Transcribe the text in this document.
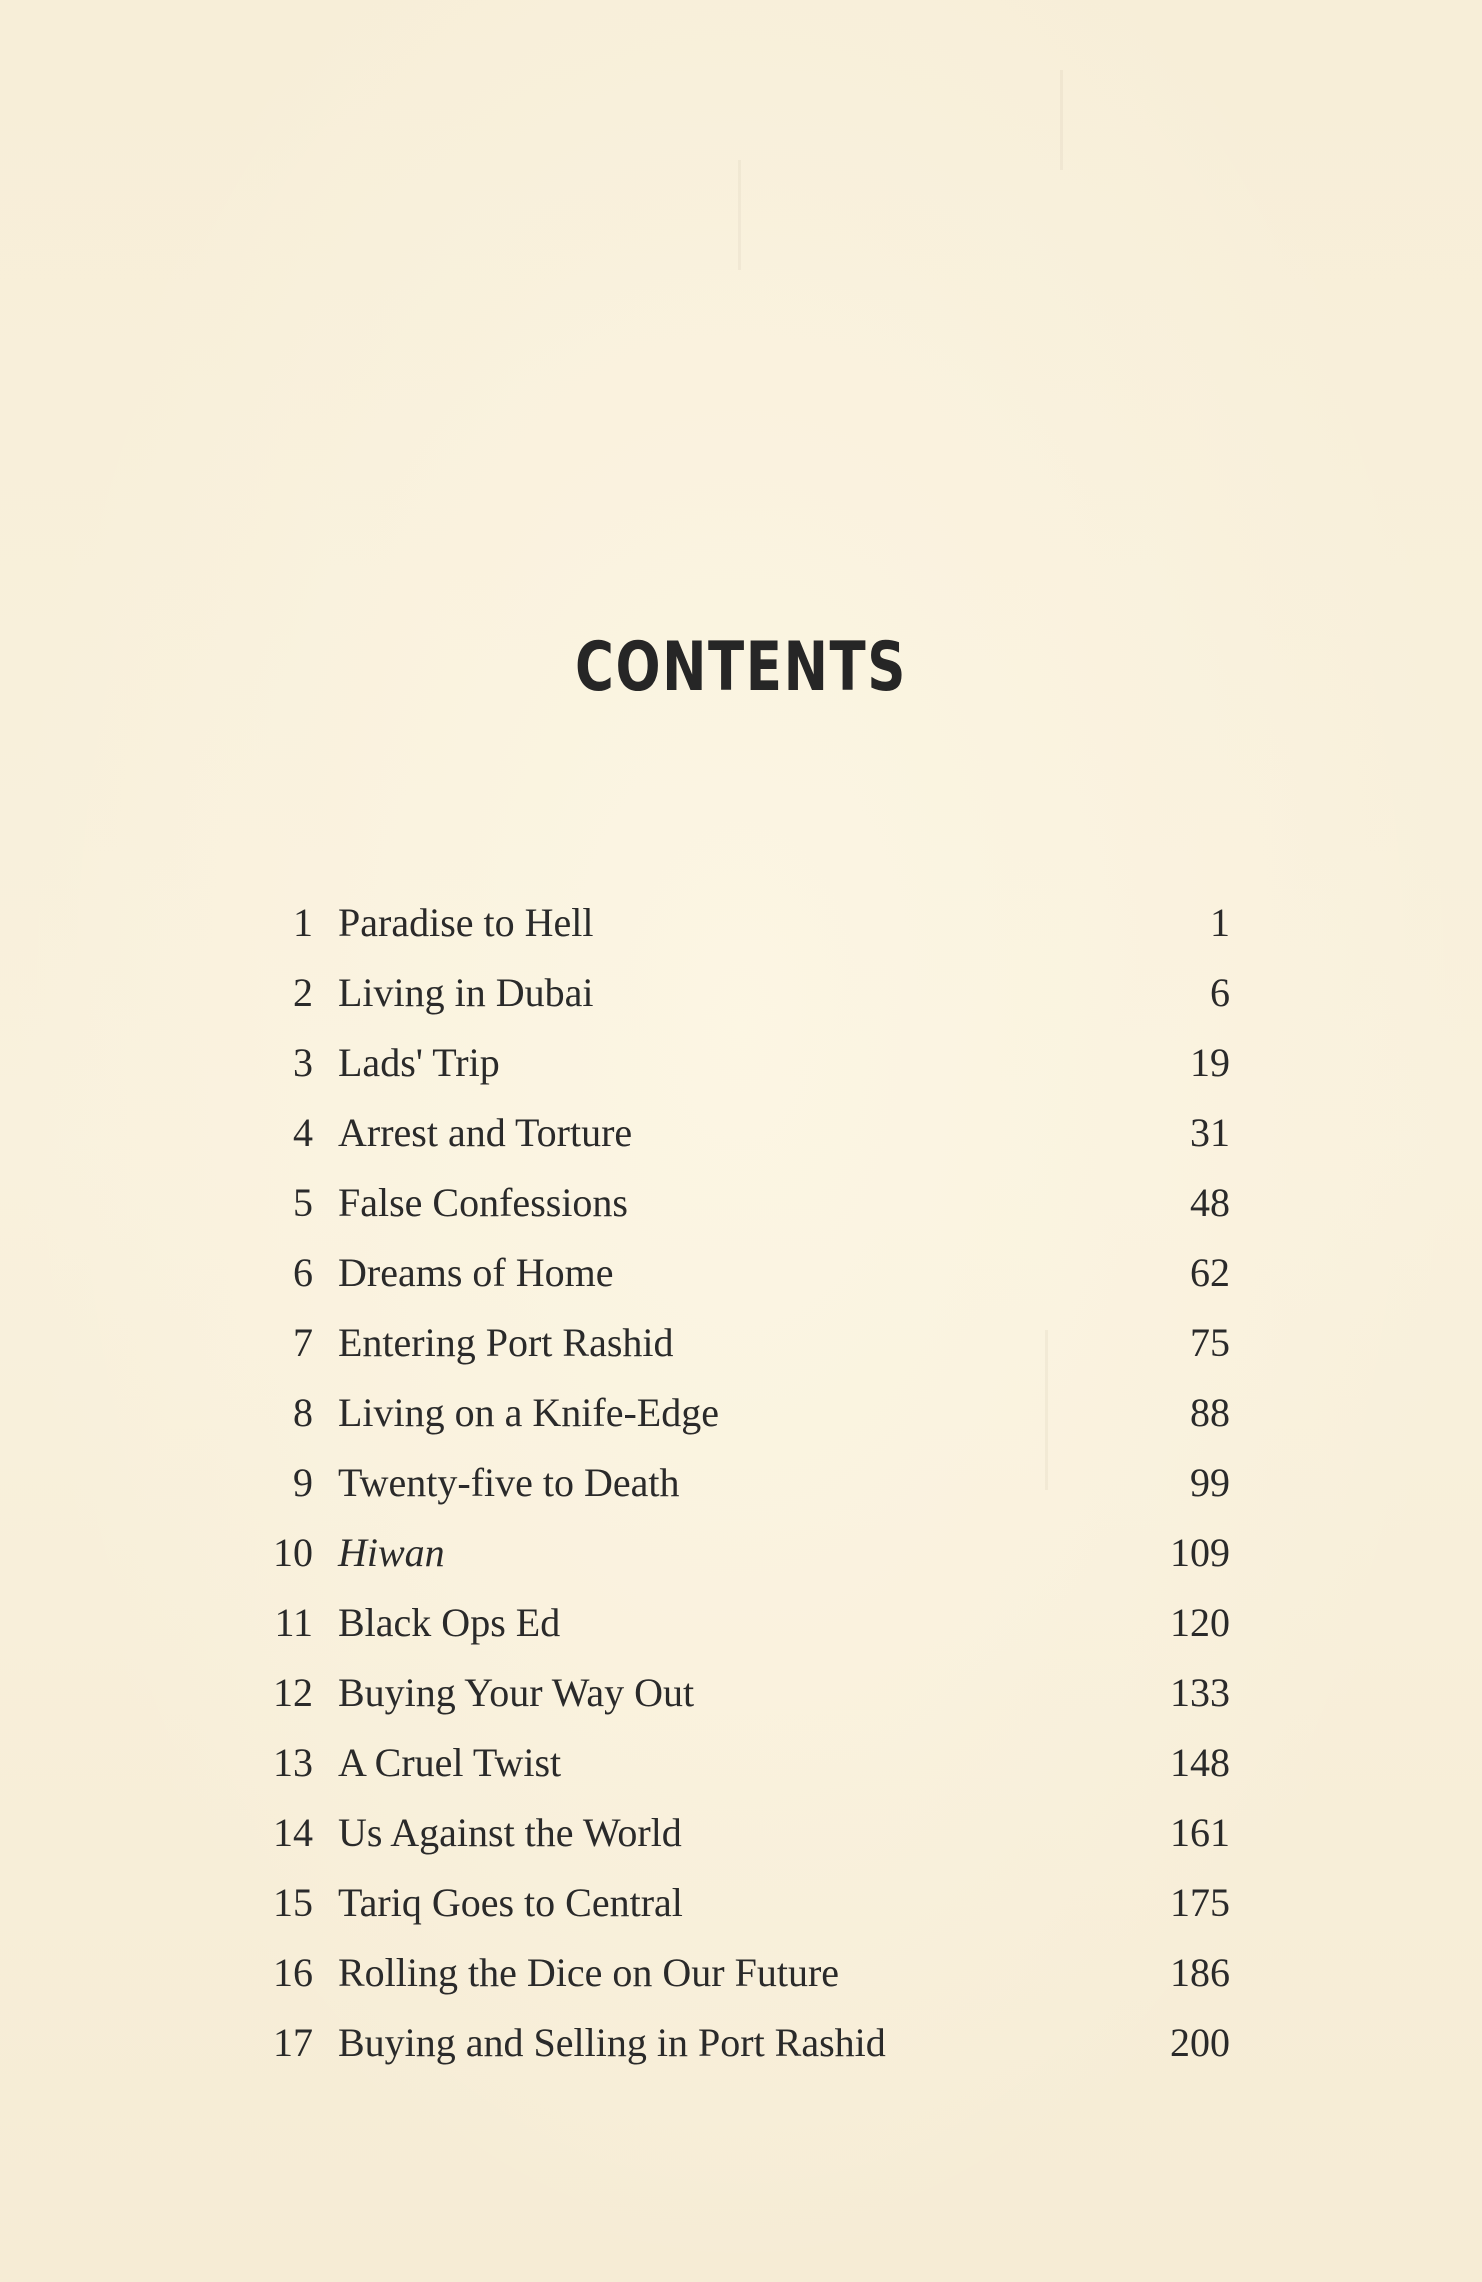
CONTENTS
1 Paradise to Hell	1
2 Living in Dubai	6
3 Lads' Trip	19
4 Arrest and Torture	31
5 False Confessions	48
6 Dreams of Home	62
7 Entering Port Rashid	75
8 Living on a Knife-Edge	88
9 Twenty-five to Death	99
10 Hiwan	109
11 Black Ops Ed	120
12 Buying Your Way Out	133
13 A Cruel Twist	148
14 Us Against the World	161
15 Tariq Goes to Central	175
16 Rolling the Dice on Our Future	186
17 Buying and Selling in Port Rashid	200
